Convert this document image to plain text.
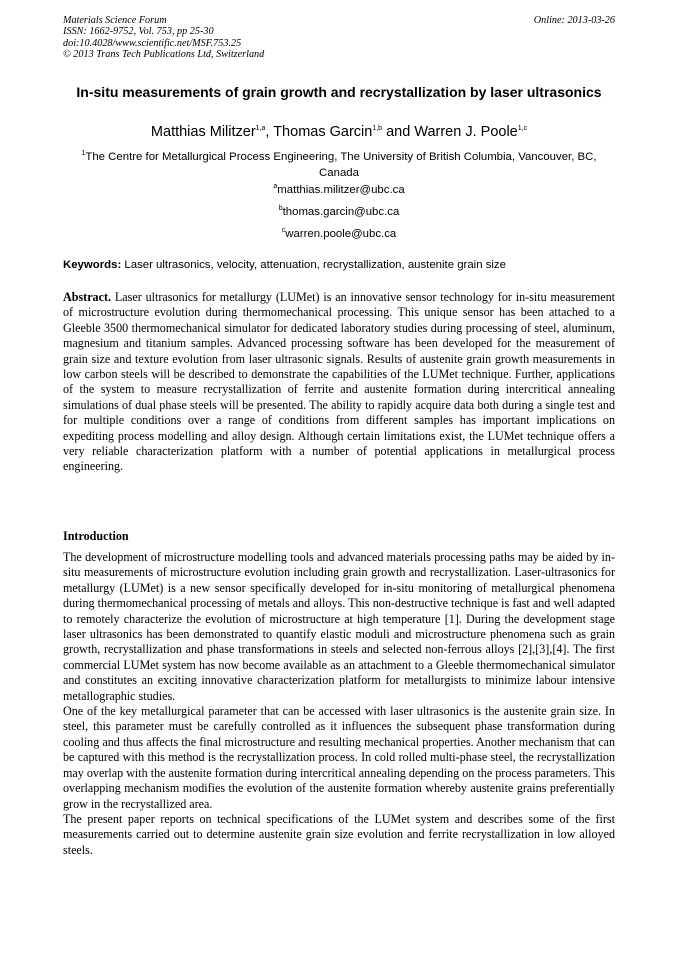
Materials Science Forum
ISSN: 1662-9752, Vol. 753, pp 25-30
doi:10.4028/www.scientific.net/MSF.753.25
© 2013 Trans Tech Publications Ltd, Switzerland
Online: 2013-03-26
In-situ measurements of grain growth and recrystallization by laser ultrasonics
Matthias Militzer$^{1,a}$, Thomas Garcin$^{1,b}$ and Warren J. Poole$^{1,c}$
$^1$The Centre for Metallurgical Process Engineering, The University of British Columbia, Vancouver, BC, Canada
$^a$matthias.militzer@ubc.ca
$^b$thomas.garcin@ubc.ca
$^c$warren.poole@ubc.ca
Keywords: Laser ultrasonics, velocity, attenuation, recrystallization, austenite grain size
Abstract. Laser ultrasonics for metallurgy (LUMet) is an innovative sensor technology for in-situ measurement of microstructure evolution during thermomechanical processing. This unique sensor has been attached to a Gleeble 3500 thermomechanical simulator for dedicated laboratory studies during processing of steel, aluminum, magnesium and titanium samples. Advanced processing software has been developed for the measurement of grain size and texture evolution from laser ultrasonic signals. Results of austenite grain growth measurements in low carbon steels will be described to demonstrate the capabilities of the LUMet technique. Further, applications of the system to measure recrystallization of ferrite and austenite formation during intercritical annealing simulations of dual phase steels will be presented. The ability to rapidly acquire data both during a single test and for multiple conditions over a range of conditions from different samples has important implications on expediting process modelling and alloy design. Although certain limitations exist, the LUMet technique offers a very reliable characterization platform with a number of potential applications in metallurgical process engineering.
Introduction

The development of microstructure modelling tools and advanced materials processing paths may be aided by in-situ measurements of microstructure evolution including grain growth and recrystallization. Laser-ultrasonics for metallurgy (LUMet) is a new sensor specifically developed for in-situ monitoring of metallurgical phenomena during thermomechanical processing of metals and alloys. This non-destructive technique is fast and well adapted to remotely characterize the evolution of microstructure at high temperature [1]. During the development stage laser ultrasonics has been demonstrated to quantify elastic moduli and microstructure phenomena such as grain growth, recrystallization and phase transformations in steels and selected non-ferrous alloys [2],[3],[4]. The first commercial LUMet system has now become available as an attachment to a Gleeble thermomechanical simulator and constitutes an exciting innovative characterization platform for metallurgists to minimize labour intensive metallographic studies.

One of the key metallurgical parameter that can be accessed with laser ultrasonics is the austenite grain size. In steel, this parameter must be carefully controlled as it influences the subsequent phase transformation during cooling and thus affects the final microstructure and resulting mechanical properties. Another mechanism that can be captured with this method is the recrystallization process. In cold rolled multi-phase steel, the recrystallization may overlap with the austenite formation during intercritical annealing depending on the process parameters. This overlapping mechanism modifies the evolution of the austenite formation whereby austenite grains preferentially grow in the recrystallized area.

The present paper reports on technical specifications of the LUMet system and describes some of the first measurements carried out to determine austenite grain size evolution and ferrite recrystallization in low alloyed steels.
